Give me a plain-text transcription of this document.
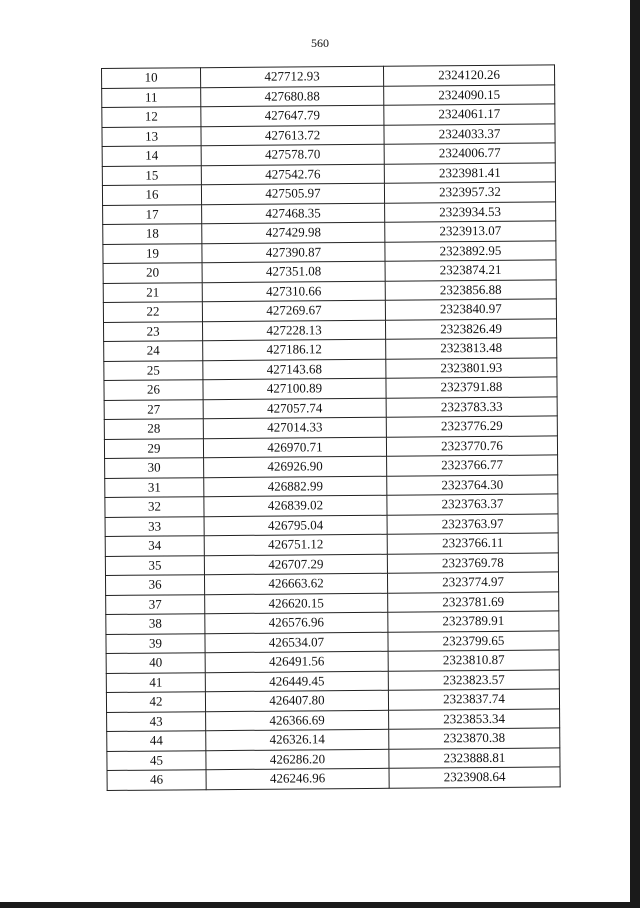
560
10	427712.93	2324120.26
11	427680.88	2324090.15
12	427647.79	2324061.17
13	427613.72	2324033.37
14	427578.70	2324006.77
15	427542.76	2323981.41
16	427505.97	2323957.32
17	427468.35	2323934.53
18	427429.98	2323913.07
19	427390.87	2323892.95
20	427351.08	2323874.21
21	427310.66	2323856.88
22	427269.67	2323840.97
23	427228.13	2323826.49
24	427186.12	2323813.48
25	427143.68	2323801.93
26	427100.89	2323791.88
27	427057.74	2323783.33
28	427014.33	2323776.29
29	426970.71	2323770.76
30	426926.90	2323766.77
31	426882.99	2323764.30
32	426839.02	2323763.37
33	426795.04	2323763.97
34	426751.12	2323766.11
35	426707.29	2323769.78
36	426663.62	2323774.97
37	426620.15	2323781.69
38	426576.96	2323789.91
39	426534.07	2323799.65
40	426491.56	2323810.87
41	426449.45	2323823.57
42	426407.80	2323837.74
43	426366.69	2323853.34
44	426326.14	2323870.38
45	426286.20	2323888.81
46	426246.96	2323908.64
